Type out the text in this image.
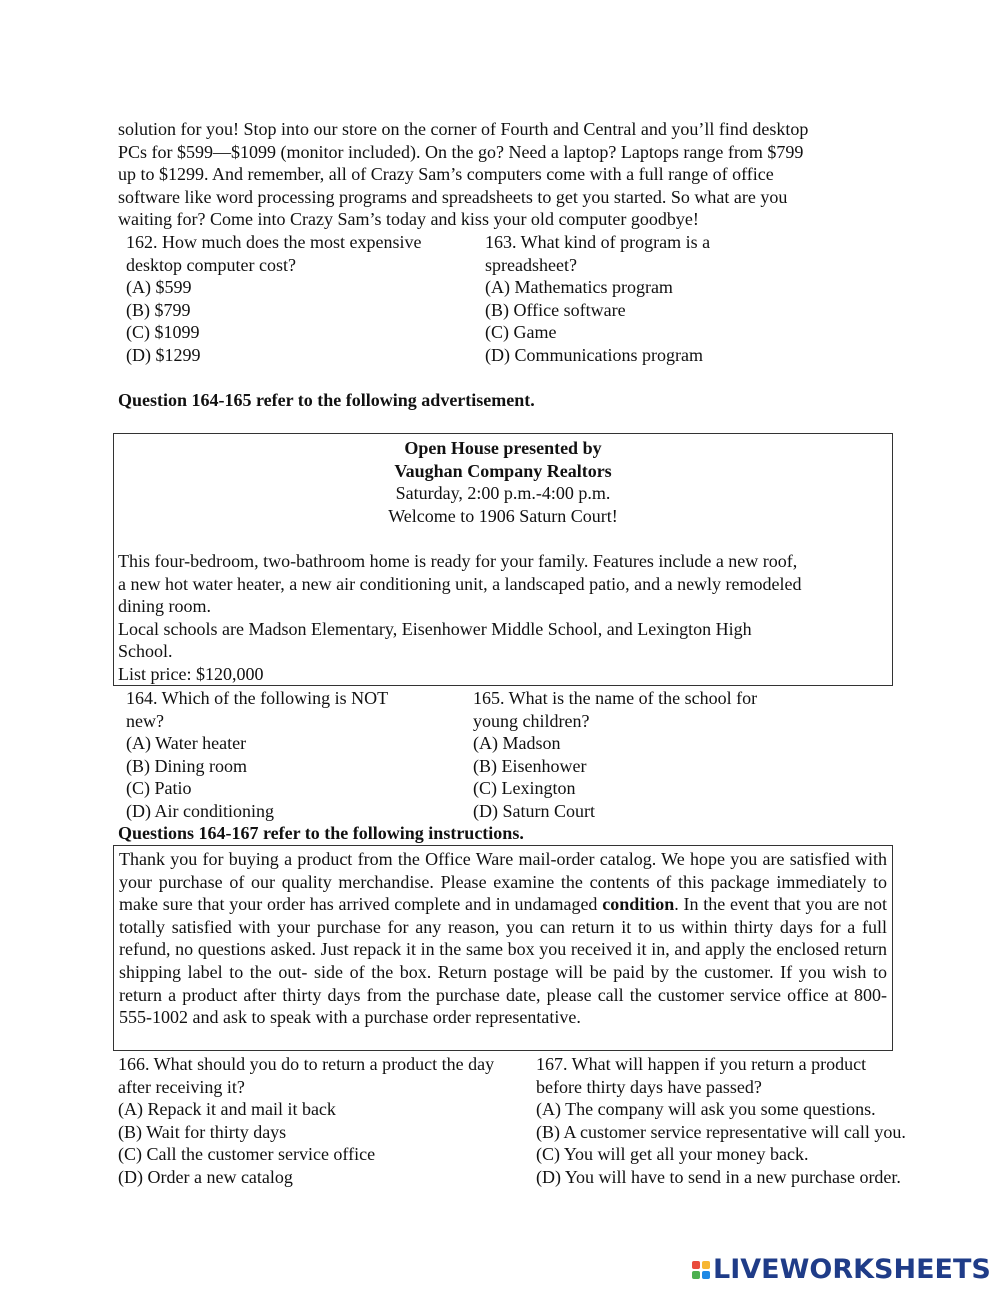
solution for you! Stop into our store on the corner of Fourth and Central and you’ll find desktop
PCs for $599—$1099 (monitor included). On the go? Need a laptop? Laptops range from $799
up to $1299. And remember, all of Crazy Sam’s computers come with a full range of office
software like word processing programs and spreadsheets to get you started. So what are you
waiting for? Come into Crazy Sam’s today and kiss your old computer goodbye!
162. How much does the most expensive
desktop computer cost?
(A) $599
(B) $799
(C) $1099
(D) $1299
163. What kind of program is a
spreadsheet?
(A) Mathematics program
(B) Office software
(C) Game
(D) Communications program
Question 164-165 refer to the following advertisement.
Open House presented by
Vaughan Company Realtors
Saturday, 2:00 p.m.-4:00 p.m.
Welcome to 1906 Saturn Court!
This four-bedroom, two-bathroom home is ready for your family. Features include a new roof,
a new hot water heater, a new air conditioning unit, a landscaped patio, and a newly remodeled
dining room.
Local schools are Madson Elementary, Eisenhower Middle School, and Lexington High
School.
List price: $120,000
164. Which of the following is NOT
new?
(A) Water heater
(B) Dining room
(C) Patio
(D) Air conditioning
165. What is the name of the school for
young children?
(A) Madson
(B) Eisenhower
(C) Lexington
(D) Saturn Court
Questions 164-167 refer to the following instructions.
Thank you for buying a product from the Office Ware mail-order catalog. We hope you are satisfied with your purchase of our quality merchandise. Please examine the contents of this package immediately to make sure that your order has arrived complete and in undamaged condition. In the event that you are not totally satisfied with your purchase for any reason, you can return it to us within thirty days for a full refund, no questions asked. Just repack it in the same box you received it in, and apply the enclosed return shipping label to the out- side of the box. Return postage will be paid by the customer. If you wish to return a product after thirty days from the purchase date, please call the customer service office at 800-555-1002 and ask to speak with a purchase order representative.
166. What should you do to return a product the day
after receiving it?
(A) Repack it and mail it back
(B) Wait for thirty days
(C) Call the customer service office
(D) Order a new catalog
167. What will happen if you return a product
before thirty days have passed?
(A) The company will ask you some questions.
(B) A customer service representative will call you.
(C) You will get all your money back.
(D) You will have to send in a new purchase order.
LIVEWORKSHEETS
